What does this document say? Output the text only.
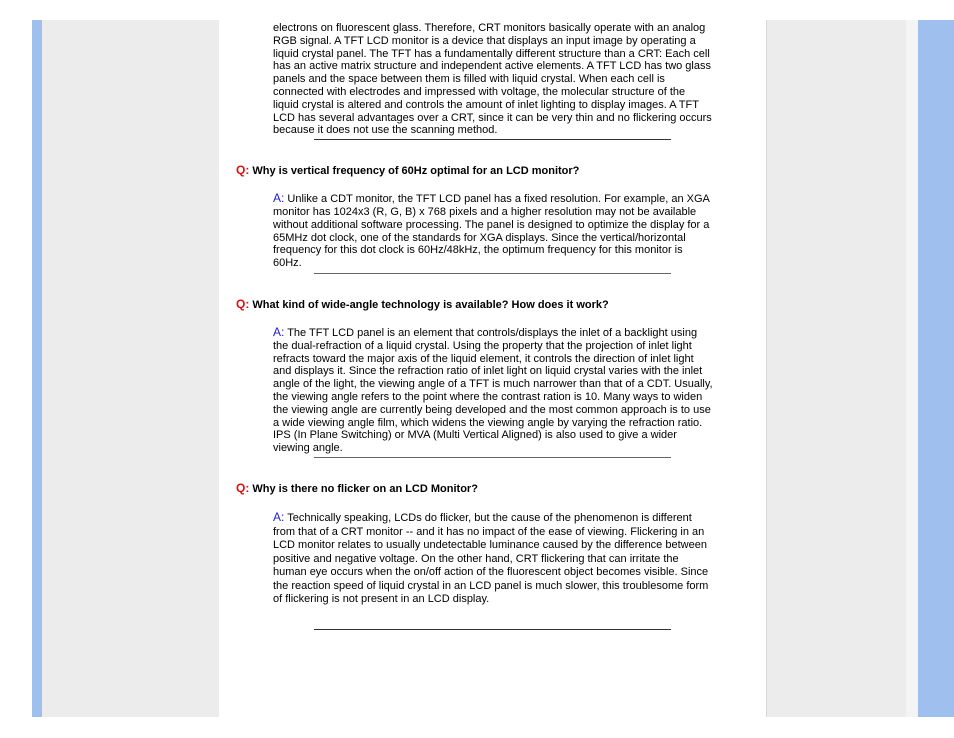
electrons on fluorescent glass. Therefore, CRT monitors basically operate with an analog RGB signal. A TFT LCD monitor is a device that displays an input image by operating a liquid crystal panel. The TFT has a fundamentally different structure than a CRT: Each cell has an active matrix structure and independent active elements. A TFT LCD has two glass panels and the space between them is filled with liquid crystal. When each cell is connected with electrodes and impressed with voltage, the molecular structure of the liquid crystal is altered and controls the amount of inlet lighting to display images. A TFT LCD has several advantages over a CRT, since it can be very thin and no flickering occurs because it does not use the scanning method.

Q: Why is vertical frequency of 60Hz optimal for an LCD monitor?

A: Unlike a CDT monitor, the TFT LCD panel has a fixed resolution. For example, an XGA monitor has 1024x3 (R, G, B) x 768 pixels and a higher resolution may not be available without additional software processing. The panel is designed to optimize the display for a 65MHz dot clock, one of the standards for XGA displays. Since the vertical/horizontal frequency for this dot clock is 60Hz/48kHz, the optimum frequency for this monitor is 60Hz.

Q: What kind of wide-angle technology is available? How does it work?

A: The TFT LCD panel is an element that controls/displays the inlet of a backlight using the dual-refraction of a liquid crystal. Using the property that the projection of inlet light refracts toward the major axis of the liquid element, it controls the direction of inlet light and displays it. Since the refraction ratio of inlet light on liquid crystal varies with the inlet angle of the light, the viewing angle of a TFT is much narrower than that of a CDT. Usually, the viewing angle refers to the point where the contrast ration is 10. Many ways to widen the viewing angle are currently being developed and the most common approach is to use a wide viewing angle film, which widens the viewing angle by varying the refraction ratio. IPS (In Plane Switching) or MVA (Multi Vertical Aligned) is also used to give a wider viewing angle.

Q: Why is there no flicker on an LCD Monitor?

A: Technically speaking, LCDs do flicker, but the cause of the phenomenon is different from that of a CRT monitor -- and it has no impact of the ease of viewing. Flickering in an LCD monitor relates to usually undetectable luminance caused by the difference between positive and negative voltage. On the other hand, CRT flickering that can irritate the human eye occurs when the on/off action of the fluorescent object becomes visible. Since the reaction speed of liquid crystal in an LCD panel is much slower, this troublesome form of flickering is not present in an LCD display.
